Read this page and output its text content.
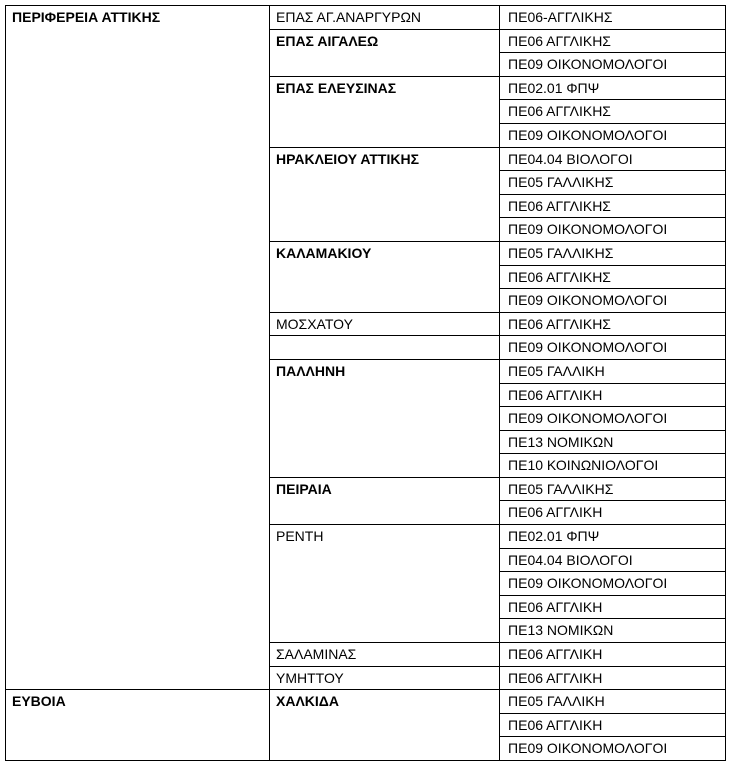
ΠΕΡΙΦΕΡΕΙΑ ΑΤΤΙΚΗΣ	ΕΠΑΣ ΑΓ.ΑΝΑΡΓΥΡΩΝ	ΠΕ06-ΑΓΓΛΙΚΗΣ
	ΕΠΑΣ ΑΙΓΑΛΕΩ	ΠΕ06 ΑΓΓΛΙΚΗΣ
		ΠΕ09 ΟΙΚΟΝΟΜΟΛΟΓΟΙ
	ΕΠΑΣ ΕΛΕΥΣΙΝΑΣ	ΠΕ02.01 ΦΠΨ
		ΠΕ06 ΑΓΓΛΙΚΗΣ
		ΠΕ09 ΟΙΚΟΝΟΜΟΛΟΓΟΙ
	ΗΡΑΚΛΕΙΟΥ ΑΤΤΙΚΗΣ	ΠΕ04.04 ΒΙΟΛΟΓΟΙ
		ΠΕ05 ΓΑΛΛΙΚΗΣ
		ΠΕ06 ΑΓΓΛΙΚΗΣ
		ΠΕ09 ΟΙΚΟΝΟΜΟΛΟΓΟΙ
	ΚΑΛΑΜΑΚΙΟΥ	ΠΕ05 ΓΑΛΛΙΚΗΣ
		ΠΕ06 ΑΓΓΛΙΚΗΣ
		ΠΕ09 ΟΙΚΟΝΟΜΟΛΟΓΟΙ
	ΜΟΣΧΑΤΟΥ	ΠΕ06 ΑΓΓΛΙΚΗΣ
		ΠΕ09 ΟΙΚΟΝΟΜΟΛΟΓΟΙ
	ΠΑΛΛΗΝΗ	ΠΕ05 ΓΑΛΛΙΚΗ
		ΠΕ06 ΑΓΓΛΙΚΗ
		ΠΕ09 ΟΙΚΟΝΟΜΟΛΟΓΟΙ
		ΠΕ13 ΝΟΜΙΚΩΝ
		ΠΕ10 ΚΟΙΝΩΝΙΟΛΟΓΟΙ
	ΠΕΙΡΑΙΑ	ΠΕ05 ΓΑΛΛΙΚΗΣ
		ΠΕ06 ΑΓΓΛΙΚΗ
	ΡΕΝΤΗ	ΠΕ02.01 ΦΠΨ
		ΠΕ04.04 ΒΙΟΛΟΓΟΙ
		ΠΕ09 ΟΙΚΟΝΟΜΟΛΟΓΟΙ
		ΠΕ06 ΑΓΓΛΙΚΗ
		ΠΕ13 ΝΟΜΙΚΩΝ
	ΣΑΛΑΜΙΝΑΣ	ΠΕ06 ΑΓΓΛΙΚΗ
	ΥΜΗΤΤΟΥ	ΠΕ06 ΑΓΓΛΙΚΗ
ΕΥΒΟΙΑ	ΧΑΛΚΙΔΑ	ΠΕ05 ΓΑΛΛΙΚΗ
		ΠΕ06 ΑΓΓΛΙΚΗ
		ΠΕ09 ΟΙΚΟΝΟΜΟΛΟΓΟΙ
